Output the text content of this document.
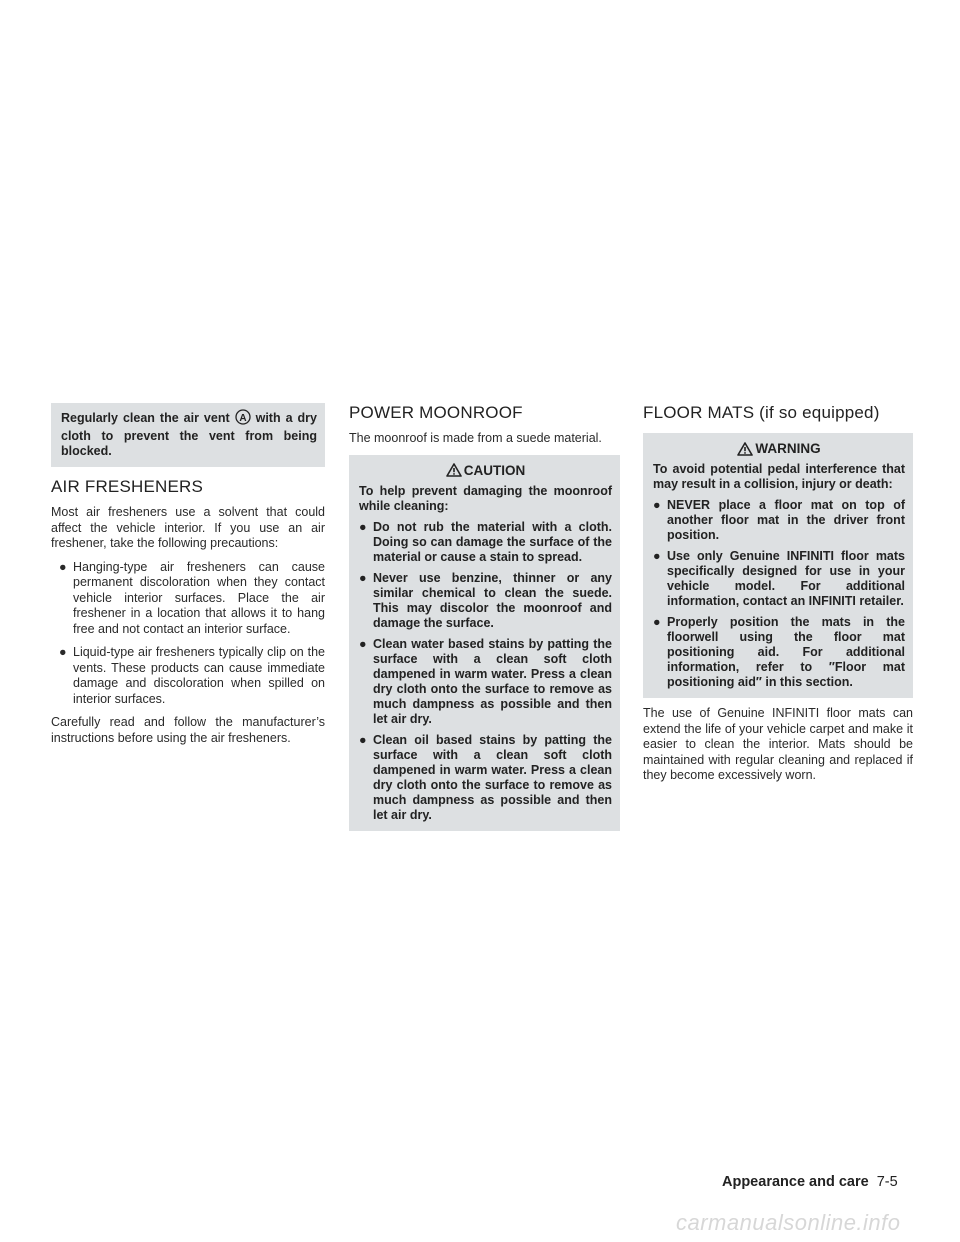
Regularly clean the air vent A with a dry cloth to prevent the vent from being blocked.
AIR FRESHENERS

Most air fresheners use a solvent that could affect the vehicle interior. If you use an air freshener, take the following precautions:

● Hanging-type air fresheners can cause permanent discoloration when they contact vehicle interior surfaces. Place the air freshener in a location that allows it to hang free and not contact an interior surface.
● Liquid-type air fresheners typically clip on the vents. These products can cause immediate damage and discoloration when spilled on interior surfaces.

Carefully read and follow the manufacturer’s instructions before using the air fresheners.

POWER MOONROOF

The moonroof is made from a suede material.

CAUTION

To help prevent damaging the moonroof while cleaning:

● Do not rub the material with a cloth. Doing so can damage the surface of the material or cause a stain to spread.
● Never use benzine, thinner or any similar chemical to clean the suede. This may discolor the moonroof and damage the surface.
● Clean water based stains by patting the surface with a clean soft cloth dampened in warm water. Press a clean dry cloth onto the surface to remove as much dampness as possible and then let air dry.
● Clean oil based stains by patting the surface with a clean soft cloth dampened in warm water. Press a clean dry cloth onto the surface to remove as much dampness as possible and then let air dry.
FLOOR MATS (if so equipped)
WARNING

To avoid potential pedal interference that may result in a collision, injury or death:

● NEVER place a floor mat on top of another floor mat in the driver front position.
● Use only Genuine INFINITI floor mats specifically designed for use in your vehicle model. For additional information, contact an INFINITI retailer.
● Properly position the mats in the floorwell using the floor mat positioning aid. For additional information, refer to ″Floor mat positioning aid″ in this section.

The use of Genuine INFINITI floor mats can extend the life of your vehicle carpet and make it easier to clean the interior. Mats should be maintained with regular cleaning and replaced if they become excessively worn.

Appearance and care 7-5
carmanualsonline.info
